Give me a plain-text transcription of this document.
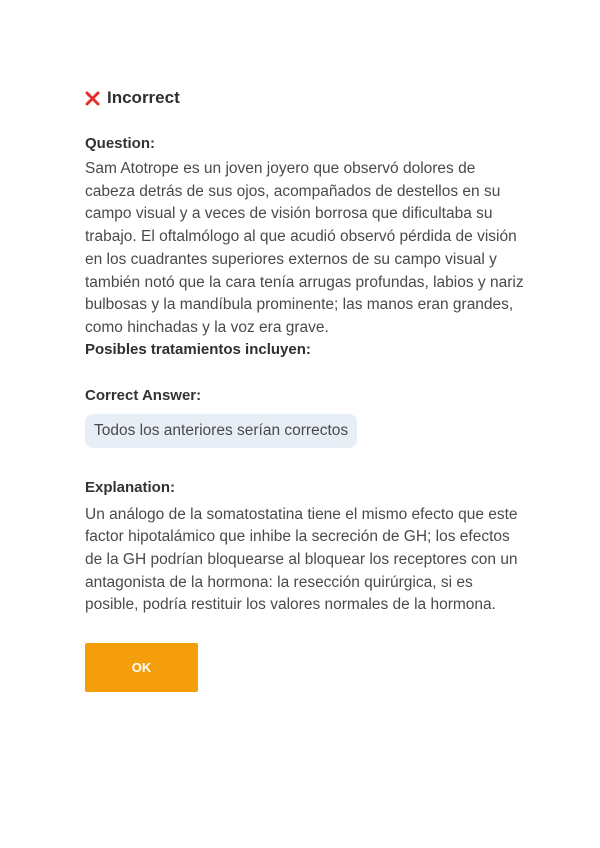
Incorrect
Question:
Sam Atotrope es un joven joyero que observó dolores de cabeza detrás de sus ojos, acompañados de destellos en su campo visual y a veces de visión borrosa que dificultaba su trabajo. El oftalmólogo al que acudió observó pérdida de visión en los cuadrantes superiores externos de su campo visual y también notó que la cara tenía arrugas profundas, labios y nariz bulbosas y la mandíbula prominente; las manos eran grandes, como hinchadas y la voz era grave.
Posibles tratamientos incluyen:
Correct Answer:
Todos los anteriores serían correctos
Explanation:
Un análogo de la somatostatina tiene el mismo efecto que este factor hipotalámico que inhibe la secreción de GH; los efectos de la GH podrían bloquearse al bloquear los receptores con un antagonista de la hormona: la resección quirúrgica, si es posible, podría restituir los valores normales de la hormona.
OK
